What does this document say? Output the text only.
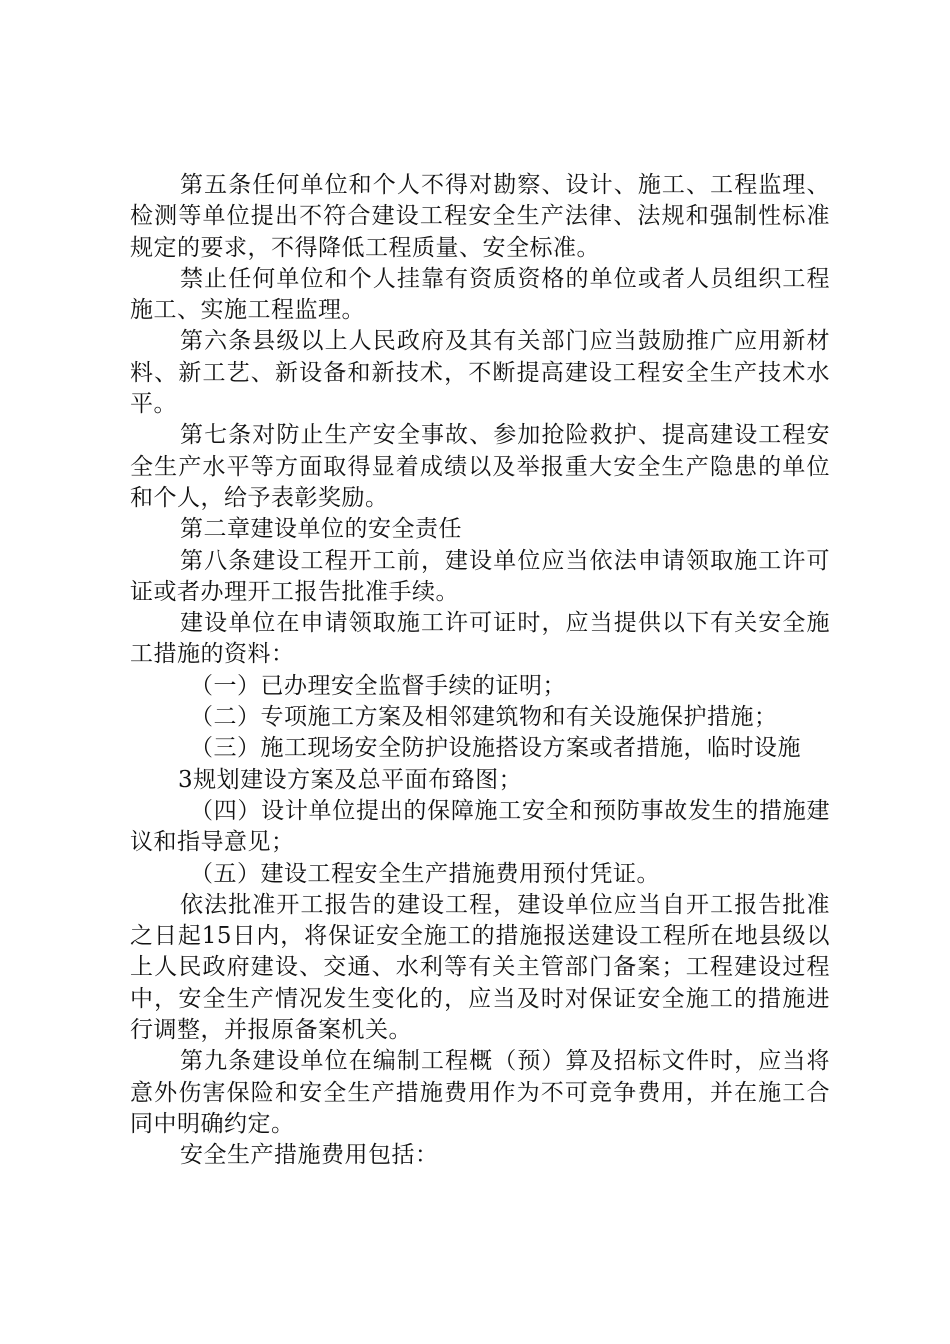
第五条任何单位和个人不得对勘察、设计、施工、工程监理、检测等单位提出不符合建设工程安全生产法律、法规和强制性标准规定的要求，不得降低工程质量、安全标准。

禁止任何单位和个人挂靠有资质资格的单位或者人员组织工程施工、实施工程监理。

第六条县级以上人民政府及其有关部门应当鼓励推广应用新材料、新工艺、新设备和新技术，不断提高建设工程安全生产技术水平。

第七条对防止生产安全事故、参加抢险救护、提高建设工程安全生产水平等方面取得显着成绩以及举报重大安全生产隐患的单位和个人，给予表彰奖励。

第二章建设单位的安全责任

第八条建设工程开工前，建设单位应当依法申请领取施工许可证或者办理开工报告批准手续。

建设单位在申请领取施工许可证时，应当提供以下有关安全施工措施的资料：

（一）已办理安全监督手续的证明；

（二）专项施工方案及相邻建筑物和有关设施保护措施；

（三）施工现场安全防护设施搭设方案或者措施，临时设施

3规划建设方案及总平面布臵图；

（四）设计单位提出的保障施工安全和预防事故发生的措施建议和指导意见；

（五）建设工程安全生产措施费用预付凭证。

依法批准开工报告的建设工程，建设单位应当自开工报告批准之日起15日内，将保证安全施工的措施报送建设工程所在地县级以上人民政府建设、交通、水利等有关主管部门备案；工程建设过程中，安全生产情况发生变化的，应当及时对保证安全施工的措施进行调整，并报原备案机关。

第九条建设单位在编制工程概（预）算及招标文件时，应当将意外伤害保险和安全生产措施费用作为不可竞争费用，并在施工合同中明确约定。

安全生产措施费用包括：
